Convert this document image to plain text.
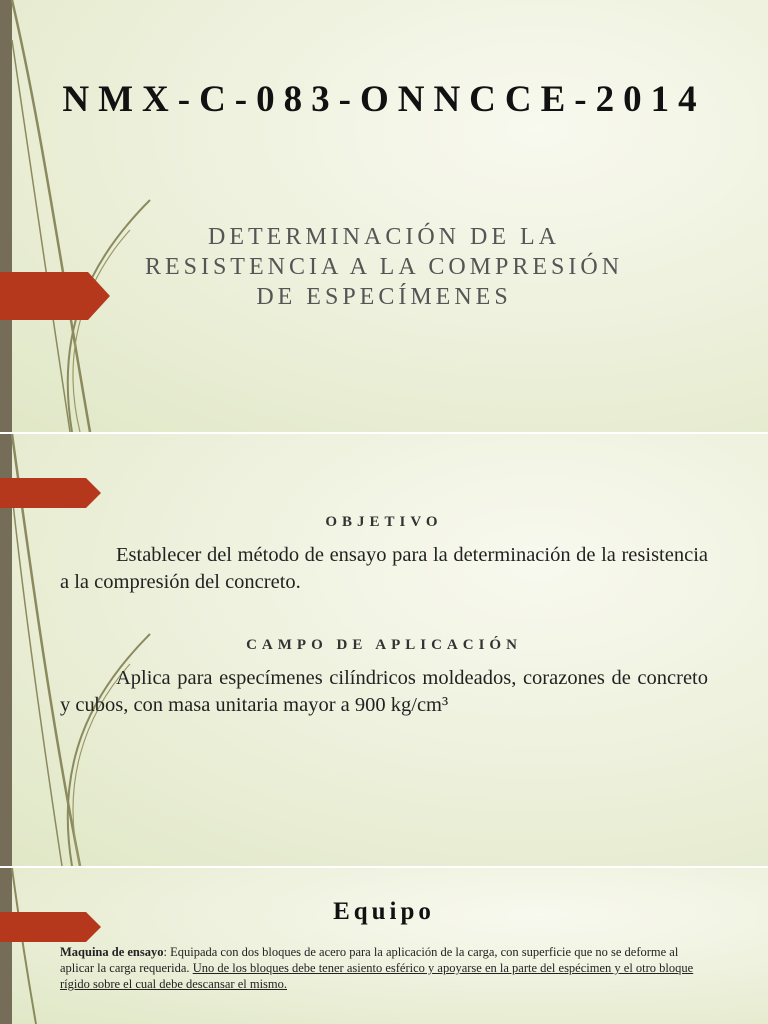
NMX-C-083-ONNCCE-2014
DETERMINACIÓN DE LA
RESISTENCIA A LA COMPRESIÓN
DE ESPECÍMENES
OBJETIVO
Establecer del método de ensayo para la determinación de la resistencia a la compresión del concreto.
CAMPO DE APLICACIÓN
Aplica para especímenes cilíndricos moldeados, corazones de concreto y cubos, con masa unitaria mayor a 900 kg/cm³
Equipo
Maquina de ensayo: Equipada con dos bloques de acero para la aplicación de la carga, con superficie que no se deforme al aplicar la carga requerida. Uno de los bloques debe tener asiento esférico y apoyarse en la parte del espécimen y el otro bloque rígido sobre el cual debe descansar el mismo.
